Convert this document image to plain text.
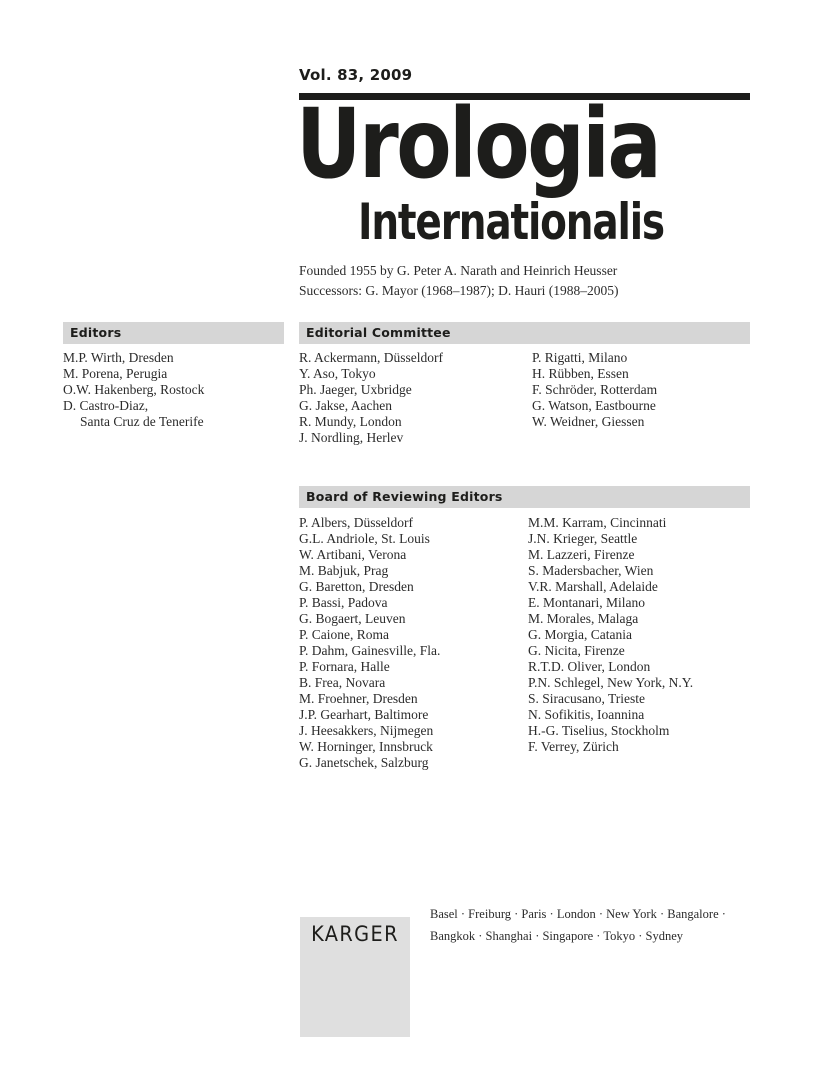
Vol. 83, 2009
Urologia
Internationalis
Founded 1955 by G. Peter A. Narath and Heinrich Heusser
Successors: G. Mayor (1968–1987); D. Hauri (1988–2005)
Editors
M.P. Wirth, Dresden
M. Porena, Perugia
O.W. Hakenberg, Rostock
D. Castro-Diaz,
Santa Cruz de Tenerife
Editorial Committee
R. Ackermann, Düsseldorf
Y. Aso, Tokyo
Ph. Jaeger, Uxbridge
G. Jakse, Aachen
R. Mundy, London
J. Nordling, Herlev
P. Rigatti, Milano
H. Rübben, Essen
F. Schröder, Rotterdam
G. Watson, Eastbourne
W. Weidner, Giessen
Board of Reviewing Editors
P. Albers, Düsseldorf
G.L. Andriole, St. Louis
W. Artibani, Verona
M. Babjuk, Prag
G. Baretton, Dresden
P. Bassi, Padova
G. Bogaert, Leuven
P. Caione, Roma
P. Dahm, Gainesville, Fla.
P. Fornara, Halle
B. Frea, Novara
M. Froehner, Dresden
J.P. Gearhart, Baltimore
J. Heesakkers, Nijmegen
W. Horninger, Innsbruck
G. Janetschek, Salzburg
M.M. Karram, Cincinnati
J.N. Krieger, Seattle
M. Lazzeri, Firenze
S. Madersbacher, Wien
V.R. Marshall, Adelaide
E. Montanari, Milano
M. Morales, Malaga
G. Morgia, Catania
G. Nicita, Firenze
R.T.D. Oliver, London
P.N. Schlegel, New York, N.Y.
S. Siracusano, Trieste
N. Sofikitis, Ioannina
H.-G. Tiselius, Stockholm
F. Verrey, Zürich
KARGER
Basel · Freiburg · Paris · London · New York · Bangalore ·
Bangkok · Shanghai · Singapore · Tokyo · Sydney
